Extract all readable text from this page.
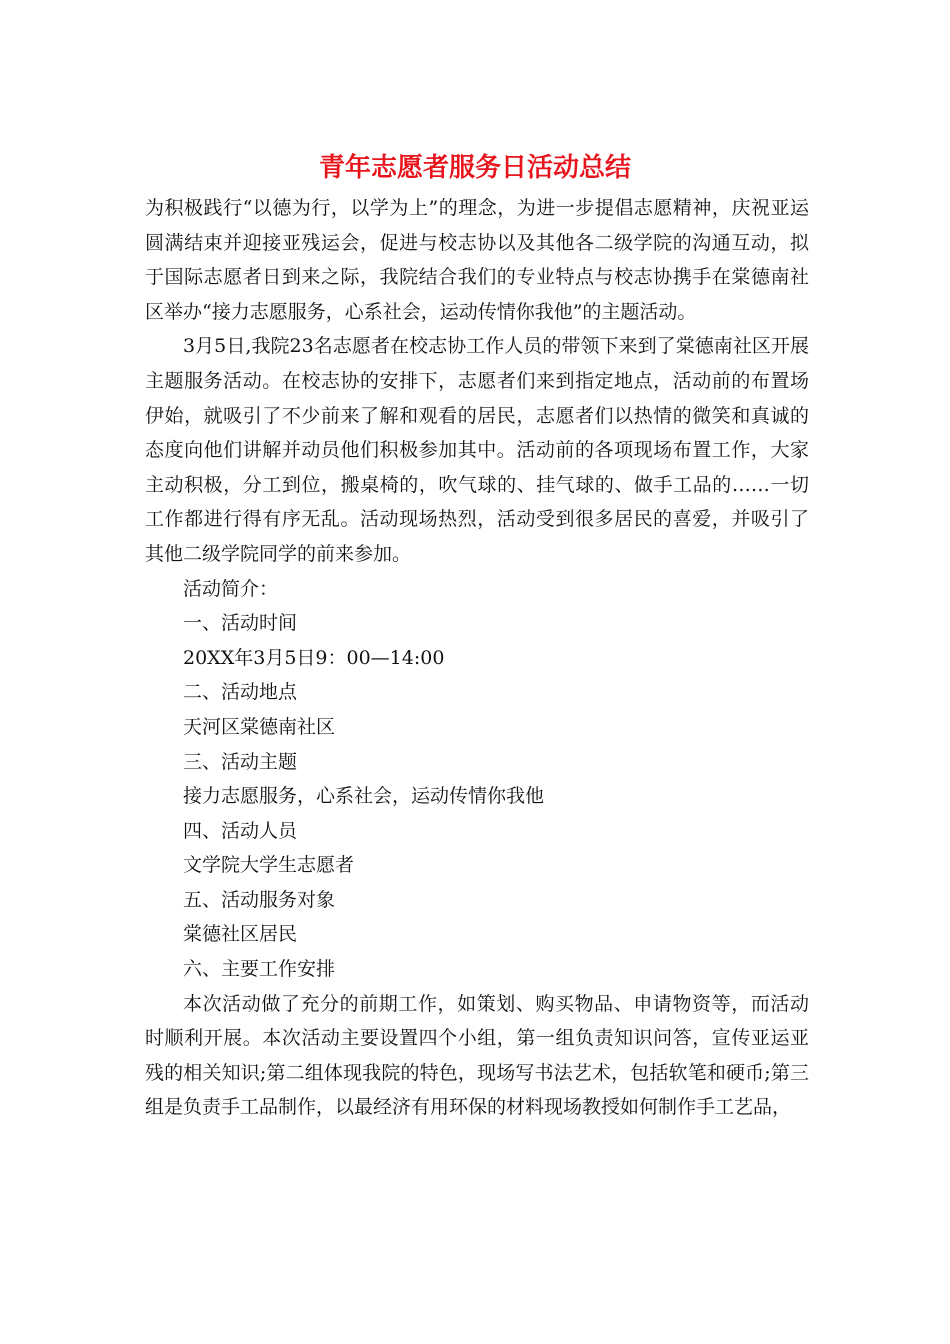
青年志愿者服务日活动总结

为积极践行“以德为行，以学为上”的理念，为进一步提倡志愿精神，庆祝亚运圆满结束并迎接亚残运会，促进与校志协以及其他各二级学院的沟通互动，拟于国际志愿者日到来之际，我院结合我们的专业特点与校志协携手在棠德南社区举办“接力志愿服务，心系社会，运动传情你我他”的主题活动。

3月5日,我院23名志愿者在校志协工作人员的带领下来到了棠德南社区开展主题服务活动。在校志协的安排下，志愿者们来到指定地点，活动前的布置场伊始，就吸引了不少前来了解和观看的居民，志愿者们以热情的微笑和真诚的态度向他们讲解并动员他们积极参加其中。活动前的各项现场布置工作，大家主动积极，分工到位，搬桌椅的，吹气球的、挂气球的、做手工品的……一切工作都进行得有序无乱。活动现场热烈，活动受到很多居民的喜爱，并吸引了其他二级学院同学的前来参加。

活动简介：

一、活动时间

20XX年3月5日9：00—14:00

二、活动地点

天河区棠德南社区

三、活动主题

接力志愿服务，心系社会，运动传情你我他

四、活动人员

文学院大学生志愿者

五、活动服务对象

棠德社区居民

六、主要工作安排

本次活动做了充分的前期工作，如策划、购买物品、申请物资等，而活动时顺利开展。本次活动主要设置四个小组，第一组负责知识问答，宣传亚运亚残的相关知识;第二组体现我院的特色，现场写书法艺术，包括软笔和硬币;第三组是负责手工品制作，以最经济有用环保的材料现场教授如何制作手工艺品，
